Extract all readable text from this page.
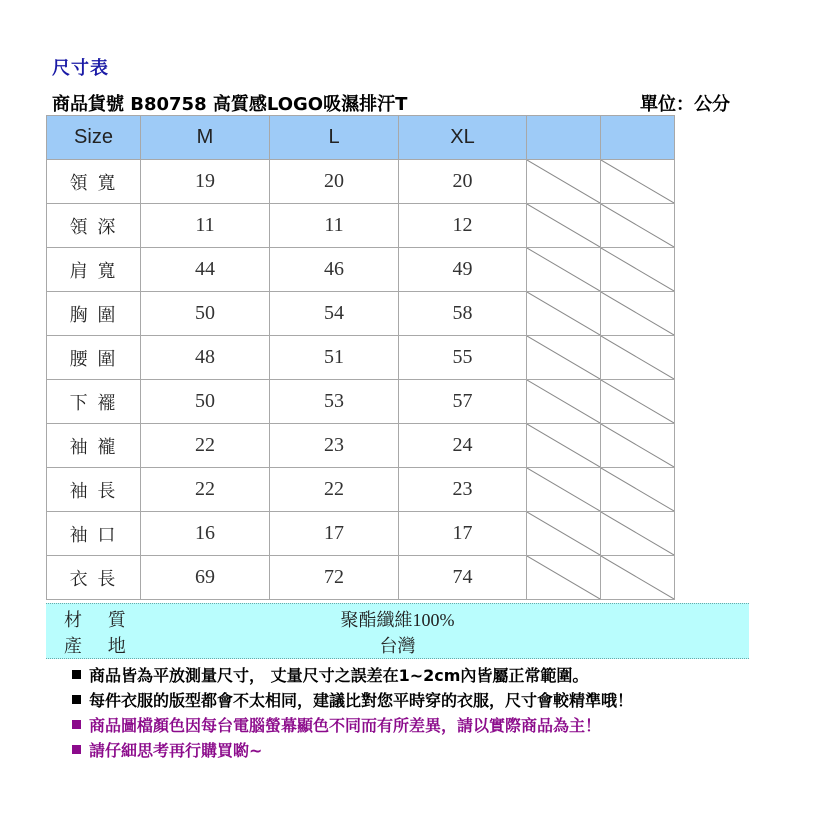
尺寸表
商品貨號 B80758 高質感LOGO吸濕排汗T	單位：公分
Size	M	L	XL		
領 寬	19	20	20	

領 深	11	11	12	

肩 寬	44	46	49	

胸 圍	50	54	58	

腰 圍	48	51	55	

下 襬	50	53	57	

袖 襱	22	23	24	

袖 長	22	22	23	

袖 口	16	17	17	

衣 長	69	72	74	

材 質	聚酯纖維100%
產 地	台灣
商品皆為平放測量尺寸， 丈量尺寸之誤差在1~2cm內皆屬正常範圍。
每件衣服的版型都會不太相同，建議比對您平時穿的衣服，尺寸會較精準哦！
商品圖檔顏色因每台電腦螢幕顯色不同而有所差異，請以實際商品為主！
請仔細思考再行購買喲~
